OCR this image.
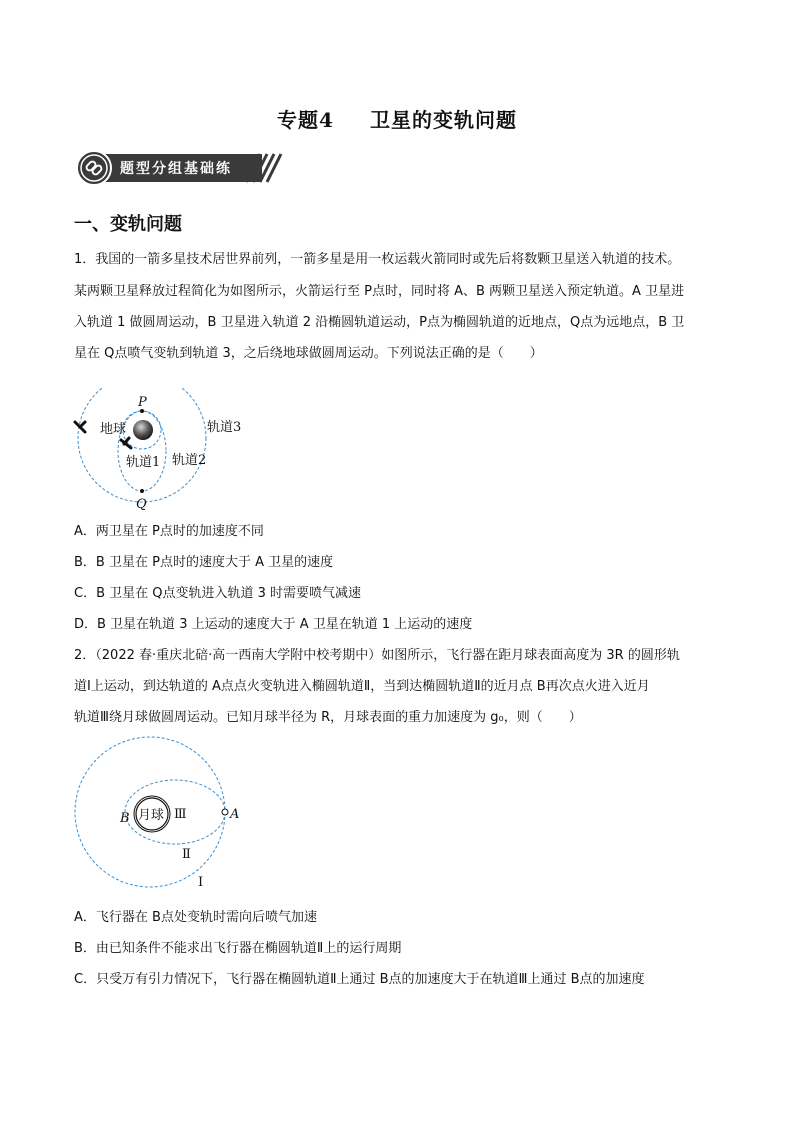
专题4 卫星的变轨问题
题型分组基础练
一、变轨问题
1．我国的一箭多星技术居世界前列，一箭多星是用一枚运载火箭同时或先后将数颗卫星送入轨道的技术。
某两颗卫星释放过程简化为如图所示，火箭运行至 P点时，同时将 A、B 两颗卫星送入预定轨道。A 卫星进
入轨道 1 做圆周运动，B 卫星进入轨道 2 沿椭圆轨道运动，P点为椭圆轨道的近地点，Q点为远地点，B 卫
星在 Q点喷气变轨到轨道 3，之后绕地球做圆周运动。下列说法正确的是（　　）
P
Q
地球
轨道1 轨道2
轨道3
A．两卫星在 P点时的加速度不同
B．B 卫星在 P点时的速度大于 A 卫星的速度
C．B 卫星在 Q点变轨进入轨道 3 时需要喷气减速
D．B 卫星在轨道 3 上运动的速度大于 A 卫星在轨道 1 上运动的速度
2．（2022 春·重庆北碚·高一西南大学附中校考期中）如图所示，飞行器在距月球表面高度为 3R 的圆形轨
道Ⅰ上运动，到达轨道的 A点点火变轨进入椭圆轨道Ⅱ，当到达椭圆轨道Ⅱ的近月点 B再次点火进入近月
轨道Ⅲ绕月球做圆周运动。已知月球半径为 R，月球表面的重力加速度为 g₀，则（　　）
月球
B	A
Ⅲ
Ⅱ
Ⅰ
A．飞行器在 B点处变轨时需向后喷气加速
B．由已知条件不能求出飞行器在椭圆轨道Ⅱ上的运行周期
C．只受万有引力情况下，飞行器在椭圆轨道Ⅱ上通过 B点的加速度大于在轨道Ⅲ上通过 B点的加速度
